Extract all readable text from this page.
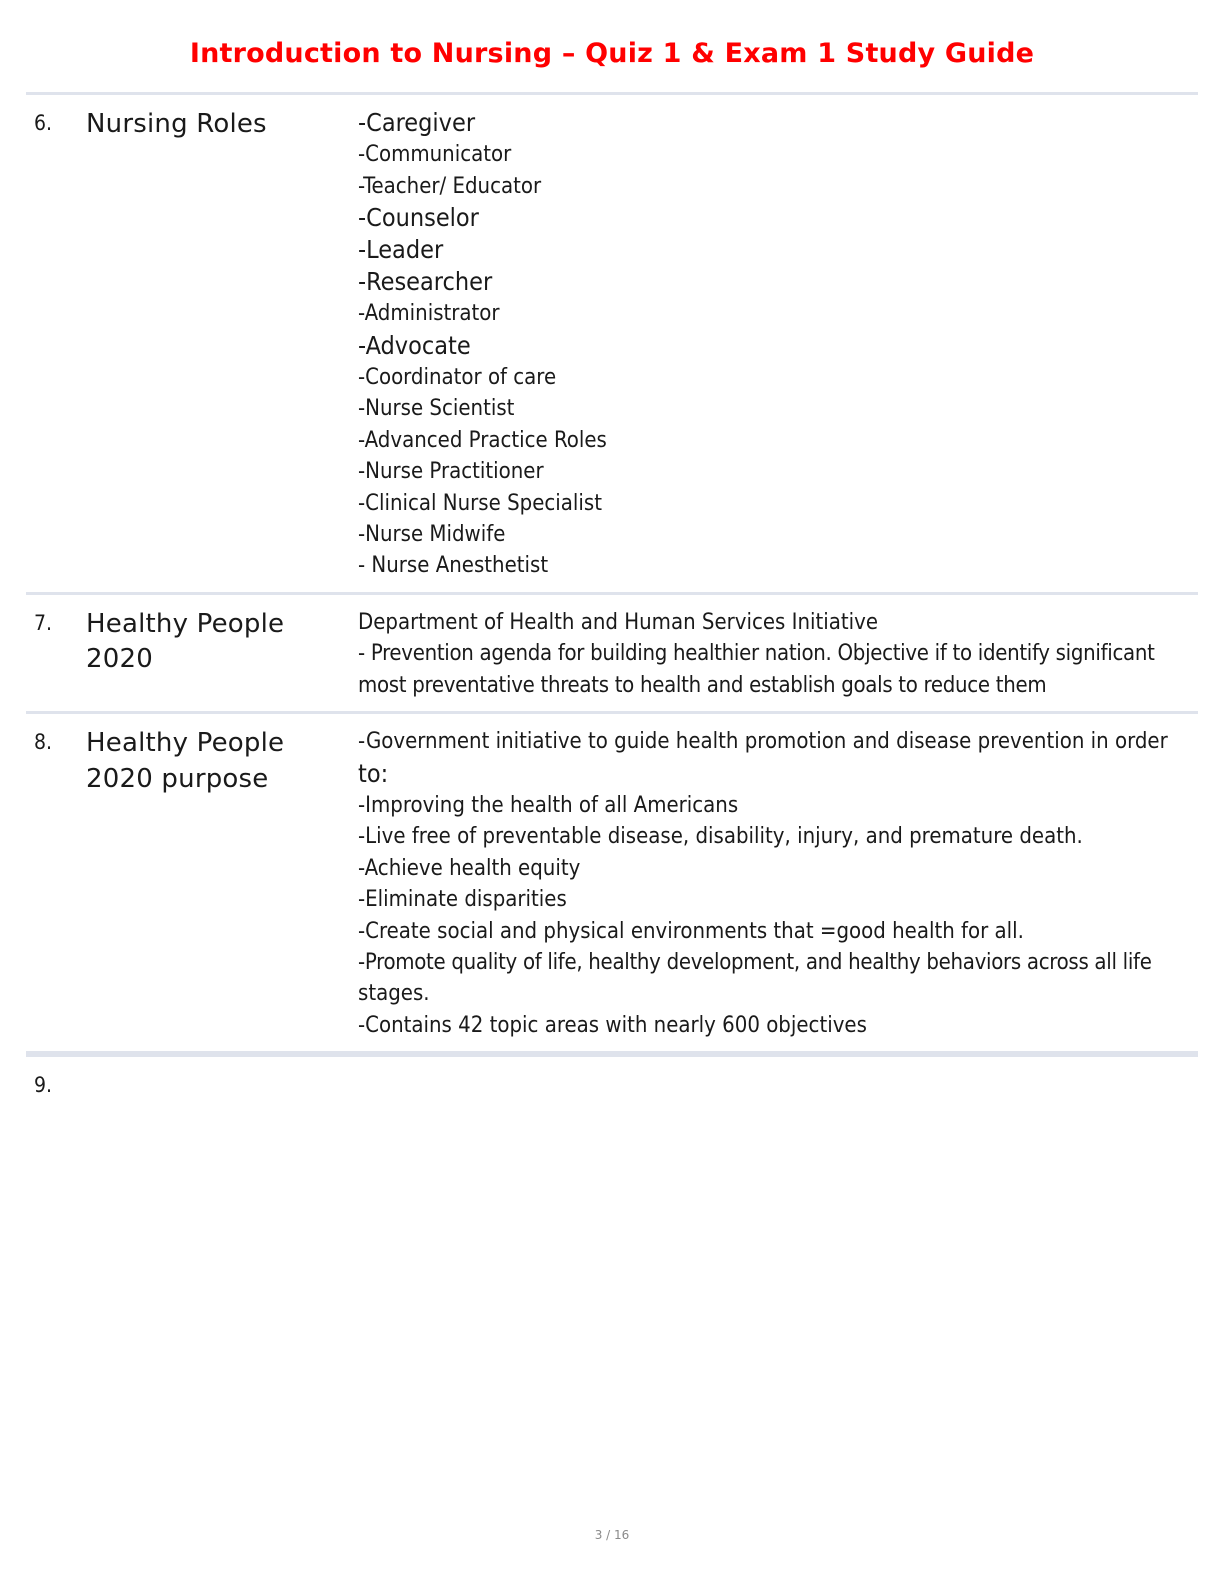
Introduction to Nursing – Quiz 1 & Exam 1 Study Guide
6.	Nursing Roles	-Caregiver
-Communicator
-Teacher/ Educator
-Counselor
-Leader
-Researcher
-Administrator
-Advocate
-Coordinator of care
-Nurse Scientist
-Advanced Practice Roles
-Nurse Practitioner
-Clinical Nurse Specialist
-Nurse Midwife
- Nurse Anesthetist
7.	Healthy People 2020
Department of Health and Human Services Initiative
- Prevention agenda for building healthier nation. Objective if to identify significant most preventative threats to health and establish goals to reduce them
8.	Healthy People 2020 purpose
-Government initiative to guide health promotion and disease prevention in order
to:
-Improving the health of all Americans
-Live free of preventable disease, disability, injury, and premature death.
-Achieve health equity
-Eliminate disparities
-Create social and physical environments that =good health for all.
-Promote quality of life, healthy development, and healthy behaviors across all life
stages.
-Contains 42 topic areas with nearly 600 objectives
9.
3 / 16
